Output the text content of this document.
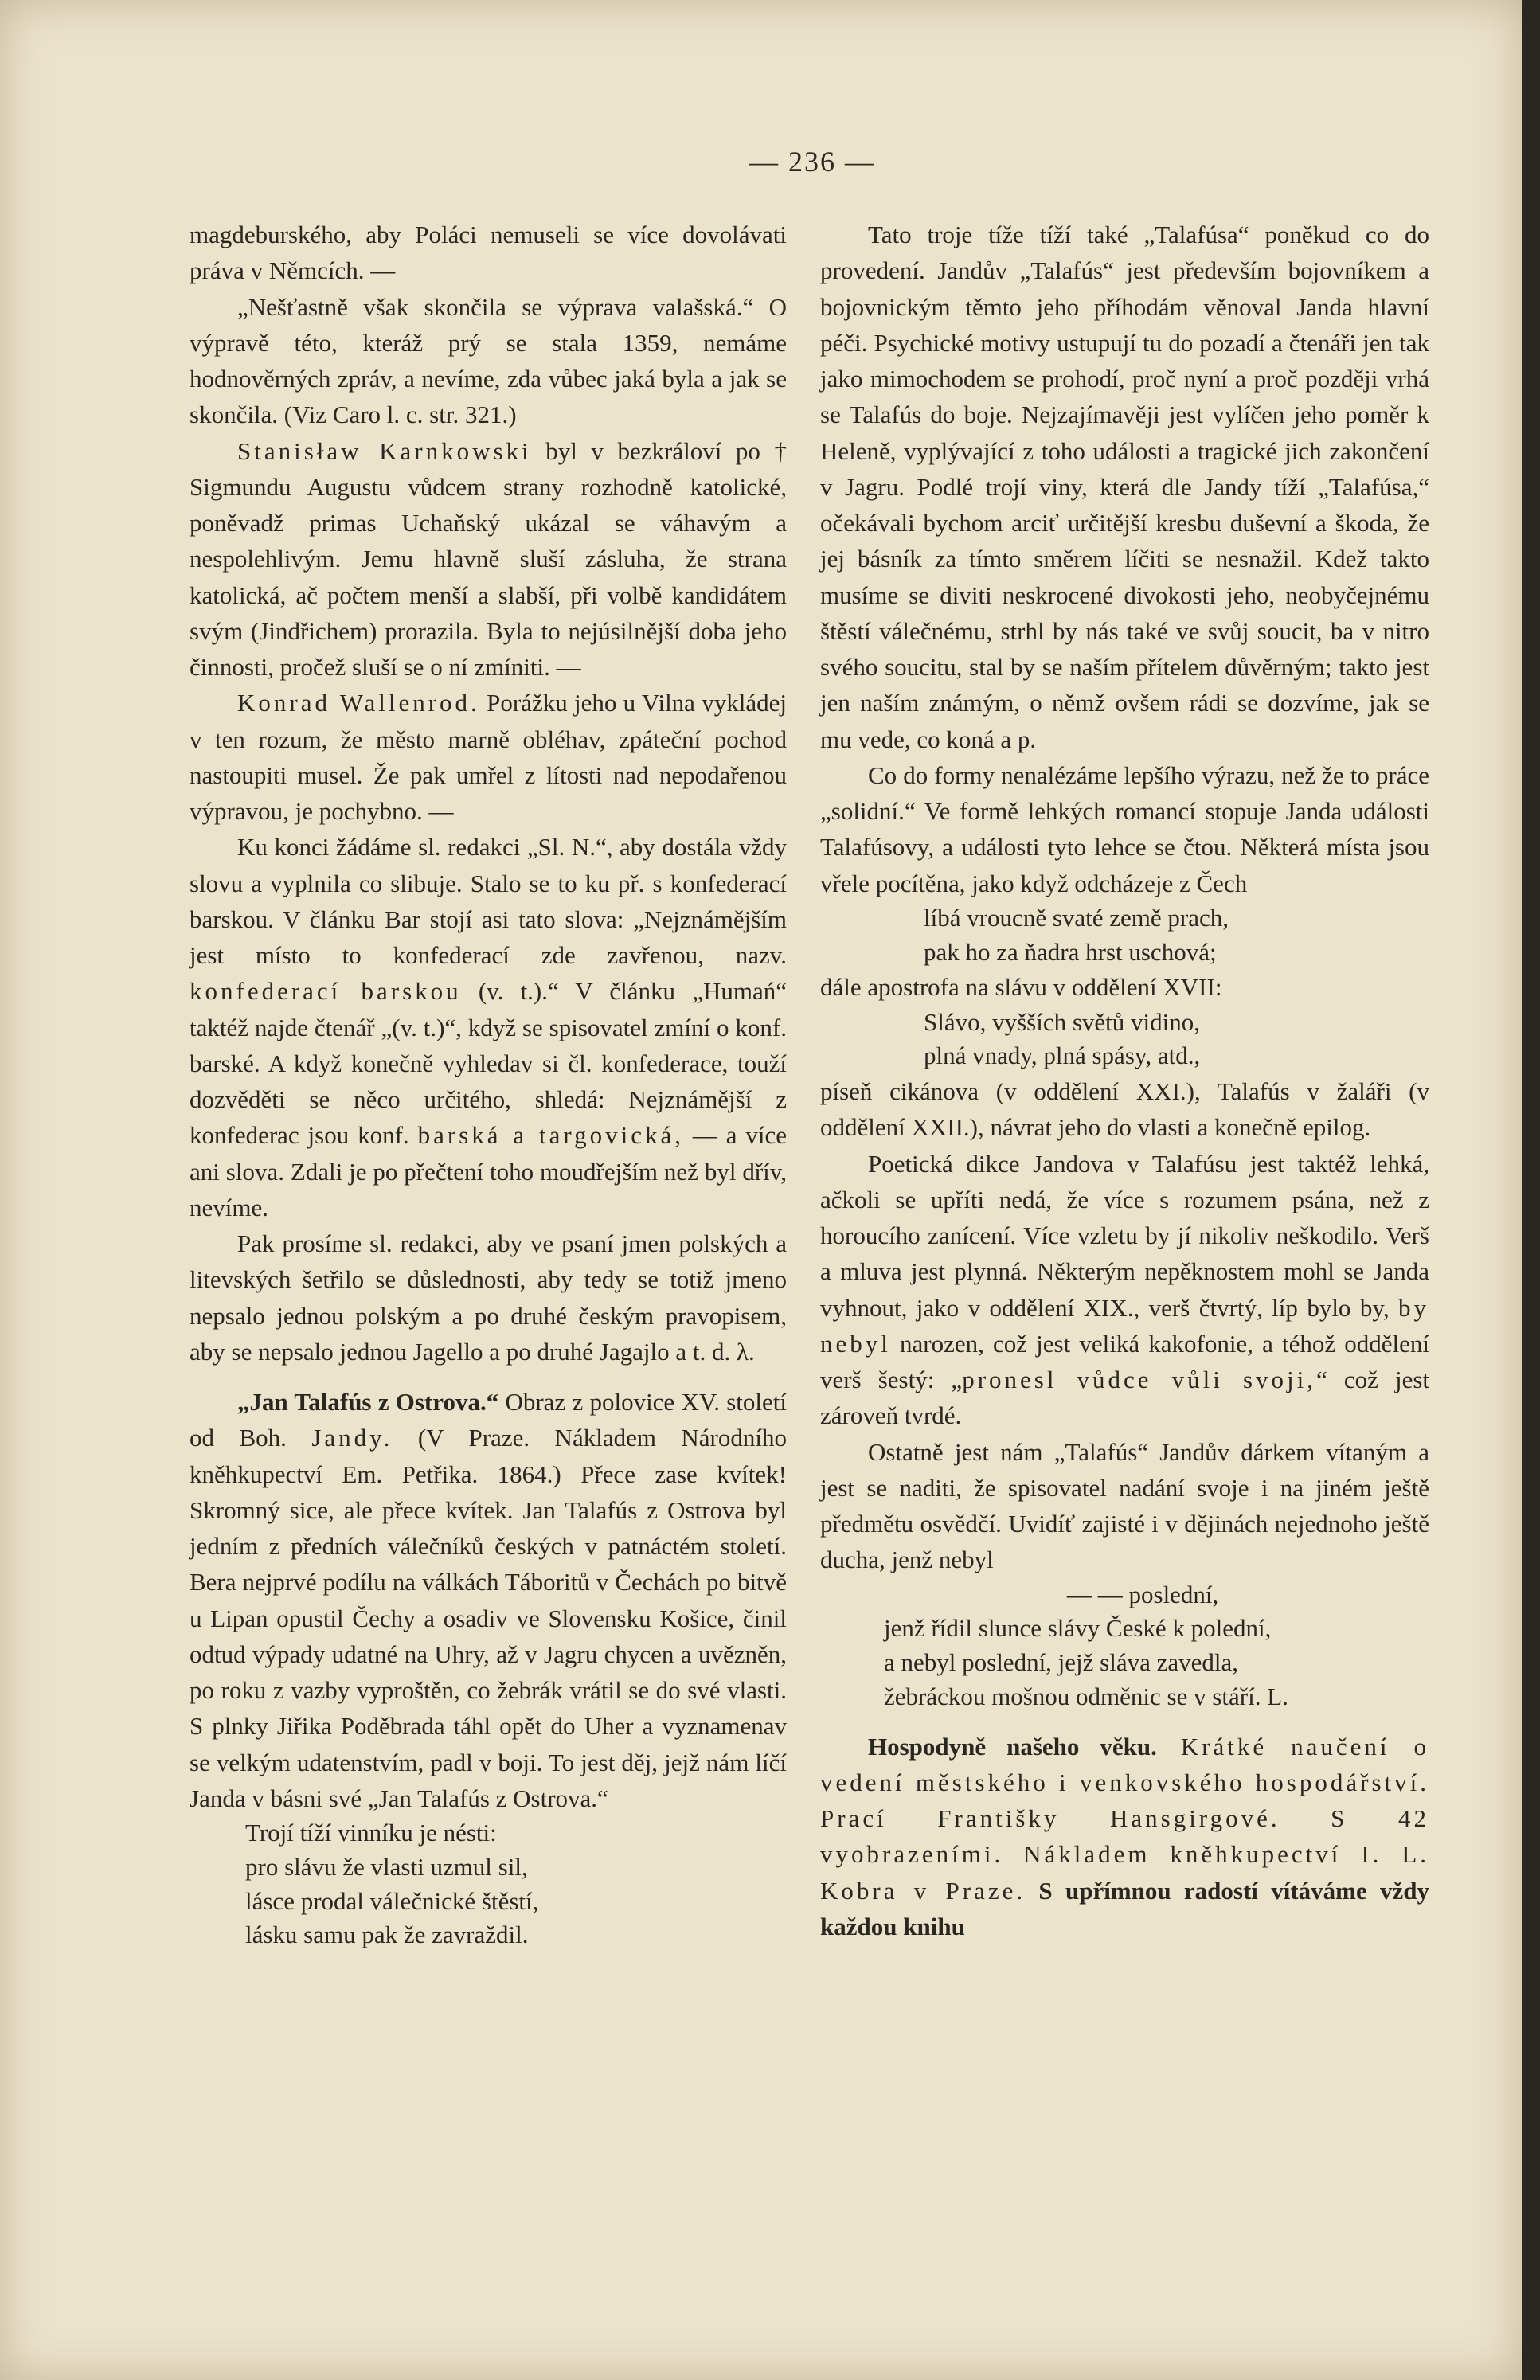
— 236 —

magdeburského, aby Poláci nemuseli se více dovolávati práva v Němcích. —

„Nešťastně však skončila se výprava valašská.“ O výpravě této, kteráž prý se stala 1359, nemáme hodnověrných zpráv, a nevíme, zda vůbec jaká byla a jak se skončila. (Viz Caro l. c. str. 321.)

Stanisław Karnkowski byl v bezkráloví po † Sigmundu Augustu vůdcem strany rozhodně katolické, poněvadž primas Uchaňský ukázal se váhavým a nespolehlivým. Jemu hlavně sluší zásluha, že strana katolická, ač počtem menší a slabší, při volbě kandidátem svým (Jindřichem) prorazila. Byla to nejúsilnější doba jeho činnosti, pročež sluší se o ní zmíniti. —

Konrad Wallenrod. Porážku jeho u Vilna vykládej v ten rozum, že město marně obléhav, zpáteční pochod nastoupiti musel. Že pak umřel z lítosti nad nepodařenou výpravou, je pochybno. —

Ku konci žádáme sl. redakci „Sl. N.“, aby dostála vždy slovu a vyplnila co slibuje. Stalo se to ku př. s konfederací barskou. V článku Bar stojí asi tato slova: „Nejznámějším jest místo to konfederací zde zavřenou, nazv. konfederací barskou (v. t.).“ V článku „Humań“ taktéž najde čtenář „(v. t.)“, když se spisovatel zmíní o konf. barské. A když konečně vyhledav si čl. konfederace, touží dozvěděti se něco určitého, shledá: Nejznámější z konfederac jsou konf. barská a targovická, — a více ani slova. Zdali je po přečtení toho moudřejším než byl dřív, nevíme.

Pak prosíme sl. redakci, aby ve psaní jmen polských a litevských šetřilo se důslednosti, aby tedy se totiž jmeno nepsalo jednou polským a po druhé českým pravopisem, aby se nepsalo jednou Jagello a po druhé Jagajlo a t. d. λ.

„Jan Talafús z Ostrova.“ Obraz z polovice XV. století od Boh. Jandy. (V Praze. Nákladem Národního kněhkupectví Em. Petřika. 1864.) Přece zase kvítek! Skromný sice, ale přece kvítek. Jan Talafús z Ostrova byl jedním z předních válečníků českých v patnáctém století. Bera nejprvé podílu na válkách Táboritů v Čechách po bitvě u Lipan opustil Čechy a osadiv ve Slovensku Košice, činil odtud výpady udatné na Uhry, až v Jagru chycen a uvězněn, po roku z vazby vyproštěn, co žebrák vrátil se do své vlasti. S plnky Jiřika Poděbrada táhl opět do Uher a vyznamenav se velkým udatenstvím, padl v boji. To jest děj, jejž nám líčí Janda v básni své „Jan Talafús z Ostrova.“

Trojí tíží vinníku je nésti:
pro slávu že vlasti uzmul sil,
lásce prodal válečnické štěstí,
lásku samu pak že zavraždil.

Tato troje tíže tíží také „Talafúsa“ poněkud co do provedení. Jandův „Talafús“ jest především bojovníkem a bojovnickým těmto jeho příhodám věnoval Janda hlavní péči. Psychické motivy ustupují tu do pozadí a čtenáři jen tak jako mimochodem se prohodí, proč nyní a proč později vrhá se Talafús do boje. Nejzajímavěji jest vylíčen jeho poměr k Heleně, vyplývající z toho události a tragické jich zakončení v Jagru. Podlé trojí viny, která dle Jandy tíží „Talafúsa,“ očekávali bychom arciť určitější kresbu duševní a škoda, že jej básník za tímto směrem líčiti se nesnažil. Kdež takto musíme se diviti neskrocené divokosti jeho, neobyčejnému štěstí válečnému, strhl by nás také ve svůj soucit, ba v nitro svého soucitu, stal by se naším přítelem důvěrným; takto jest jen naším známým, o němž ovšem rádi se dozvíme, jak se mu vede, co koná a p.

Co do formy nenalézáme lepšího výrazu, než že to práce „solidní.“ Ve formě lehkých romancí stopuje Janda události Talafúsovy, a události tyto lehce se čtou. Některá místa jsou vřele pocítěna, jako když odcházeje z Čech

líbá vroucně svaté země prach,
pak ho za ňadra hrst uschová;

dále apostrofa na slávu v oddělení XVII:

Slávo, vyšších světů vidino,
plná vnady, plná spásy, atd.,

píseň cikánova (v oddělení XXI.), Talafús v žaláři (v oddělení XXII.), návrat jeho do vlasti a konečně epilog.

Poetická dikce Jandova v Talafúsu jest taktéž lehká, ačkoli se upříti nedá, že více s rozumem psána, než z horoucího zanícení. Více vzletu by jí nikoliv neškodilo. Verš a mluva jest plynná. Některým nepěknostem mohl se Janda vyhnout, jako v oddělení XIX., verš čtvrtý, líp bylo by, by nebyl narozen, což jest veliká kakofonie, a téhož oddělení verš šestý: „pronesl vůdce vůli svoji,“ což jest zároveň tvrdé.

Ostatně jest nám „Talafús“ Jandův dárkem vítaným a jest se naditi, že spisovatel nadání svoje i na jiném ještě předmětu osvědčí. Uvidíť zajisté i v dějinách nejednoho ještě ducha, jenž nebyl

— — poslední,
jenž řídil slunce slávy České k polední,
a nebyl poslední, jejž sláva zavedla,
žebráckou mošnou odměnic se v stáří. L.

Hospodyně našeho věku. Krátké naučení o vedení městského i venkovského hospodářství. Prací Františky Hansgirgové. S 42 vyobrazeními. Nákladem kněhkupectví I. L. Kobra v Praze. S upřímnou radostí vítáváme vždy každou knihu
